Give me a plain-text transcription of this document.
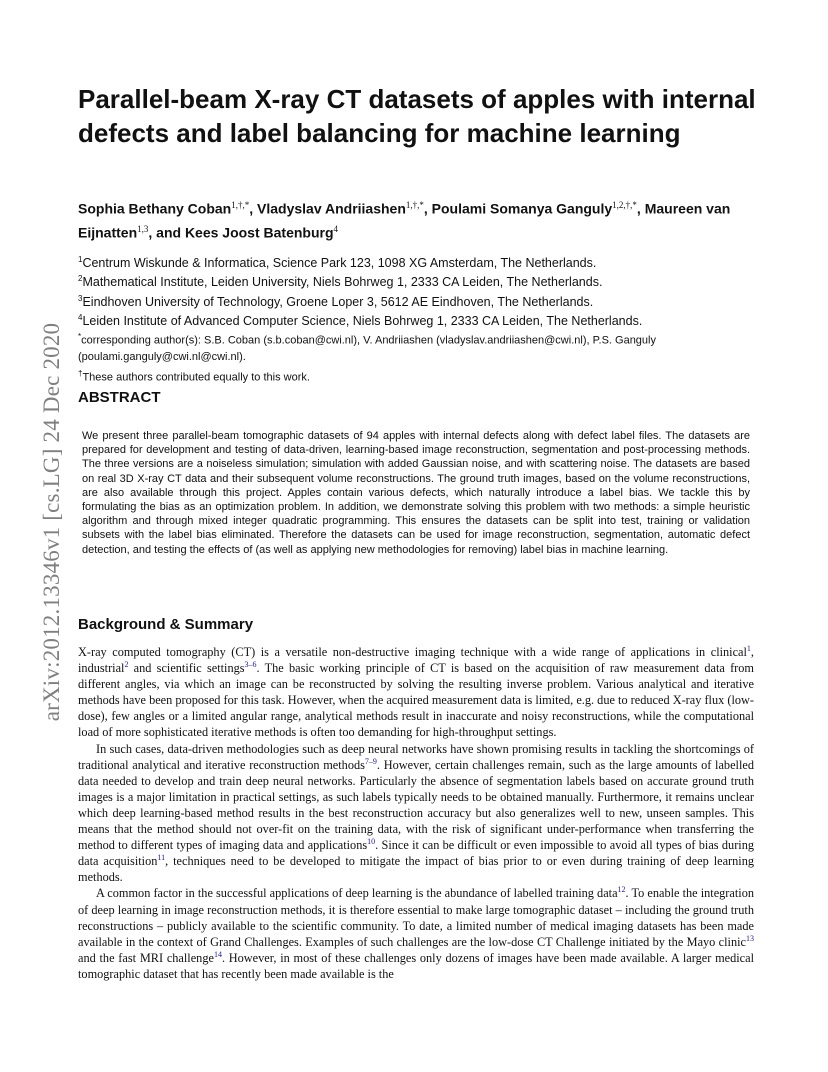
arXiv:2012.13346v1 [cs.LG] 24 Dec 2020
Parallel-beam X-ray CT datasets of apples with internal defects and label balancing for machine learning
Sophia Bethany Coban$^{1,\dagger,*}$, Vladyslav Andriiashen$^{1,\dagger,*}$, Poulami Somanya Ganguly$^{1,2,\dagger,*}$, Maureen van Eijnatten$^{1,3}$, and Kees Joost Batenburg$^4$
$^1$Centrum Wiskunde & Informatica, Science Park 123, 1098 XG Amsterdam, The Netherlands.
$^2$Mathematical Institute, Leiden University, Niels Bohrweg 1, 2333 CA Leiden, The Netherlands.
$^3$Eindhoven University of Technology, Groene Loper 3, 5612 AE Eindhoven, The Netherlands.
$^4$Leiden Institute of Advanced Computer Science, Niels Bohrweg 1, 2333 CA Leiden, The Netherlands.
*corresponding author(s): S.B. Coban (s.b.coban@cwi.nl), V. Andriiashen (vladyslav.andriiashen@cwi.nl), P.S. Ganguly (poulami.ganguly@cwi.nl@cwi.nl).
†These authors contributed equally to this work.
ABSTRACT

We present three parallel-beam tomographic datasets of 94 apples with internal defects along with defect label files. The datasets are prepared for development and testing of data-driven, learning-based image reconstruction, segmentation and post-processing methods. The three versions are a noiseless simulation; simulation with added Gaussian noise, and with scattering noise. The datasets are based on real 3D X-ray CT data and their subsequent volume reconstructions. The ground truth images, based on the volume reconstructions, are also available through this project. Apples contain various defects, which naturally introduce a label bias. We tackle this by formulating the bias as an optimization problem. In addition, we demonstrate solving this problem with two methods: a simple heuristic algorithm and through mixed integer quadratic programming. This ensures the datasets can be split into test, training or validation subsets with the label bias eliminated. Therefore the datasets can be used for image reconstruction, segmentation, automatic defect detection, and testing the effects of (as well as applying new methodologies for removing) label bias in machine learning.

Background & Summary

X-ray computed tomography (CT) is a versatile non-destructive imaging technique with a wide range of applications in clinical$^1$, industrial$^2$ and scientific settings$^{3-6}$. The basic working principle of CT is based on the acquisition of raw measurement data from different angles, via which an image can be reconstructed by solving the resulting inverse problem. Various analytical and iterative methods have been proposed for this task. However, when the acquired measurement data is limited, e.g. due to reduced X-ray flux (low-dose), few angles or a limited angular range, analytical methods result in inaccurate and noisy reconstructions, while the computational load of more sophisticated iterative methods is often too demanding for high-throughput settings.

In such cases, data-driven methodologies such as deep neural networks have shown promising results in tackling the shortcomings of traditional analytical and iterative reconstruction methods$^{7-9}$. However, certain challenges remain, such as the large amounts of labelled data needed to develop and train deep neural networks. Particularly the absence of segmentation labels based on accurate ground truth images is a major limitation in practical settings, as such labels typically needs to be obtained manually. Furthermore, it remains unclear which deep learning-based method results in the best reconstruction accuracy but also generalizes well to new, unseen samples. This means that the method should not over-fit on the training data, with the risk of significant under-performance when transferring the method to different types of imaging data and applications$^{10}$. Since it can be difficult or even impossible to avoid all types of bias during data acquisition$^{11}$, techniques need to be developed to mitigate the impact of bias prior to or even during training of deep learning methods.

A common factor in the successful applications of deep learning is the abundance of labelled training data$^{12}$. To enable the integration of deep learning in image reconstruction methods, it is therefore essential to make large tomographic dataset – including the ground truth reconstructions – publicly available to the scientific community. To date, a limited number of medical imaging datasets has been made available in the context of Grand Challenges. Examples of such challenges are the low-dose CT Challenge initiated by the Mayo clinic$^{13}$ and the fast MRI challenge$^{14}$. However, in most of these challenges only dozens of images have been made available. A larger medical tomographic dataset that has recently been made available is the
